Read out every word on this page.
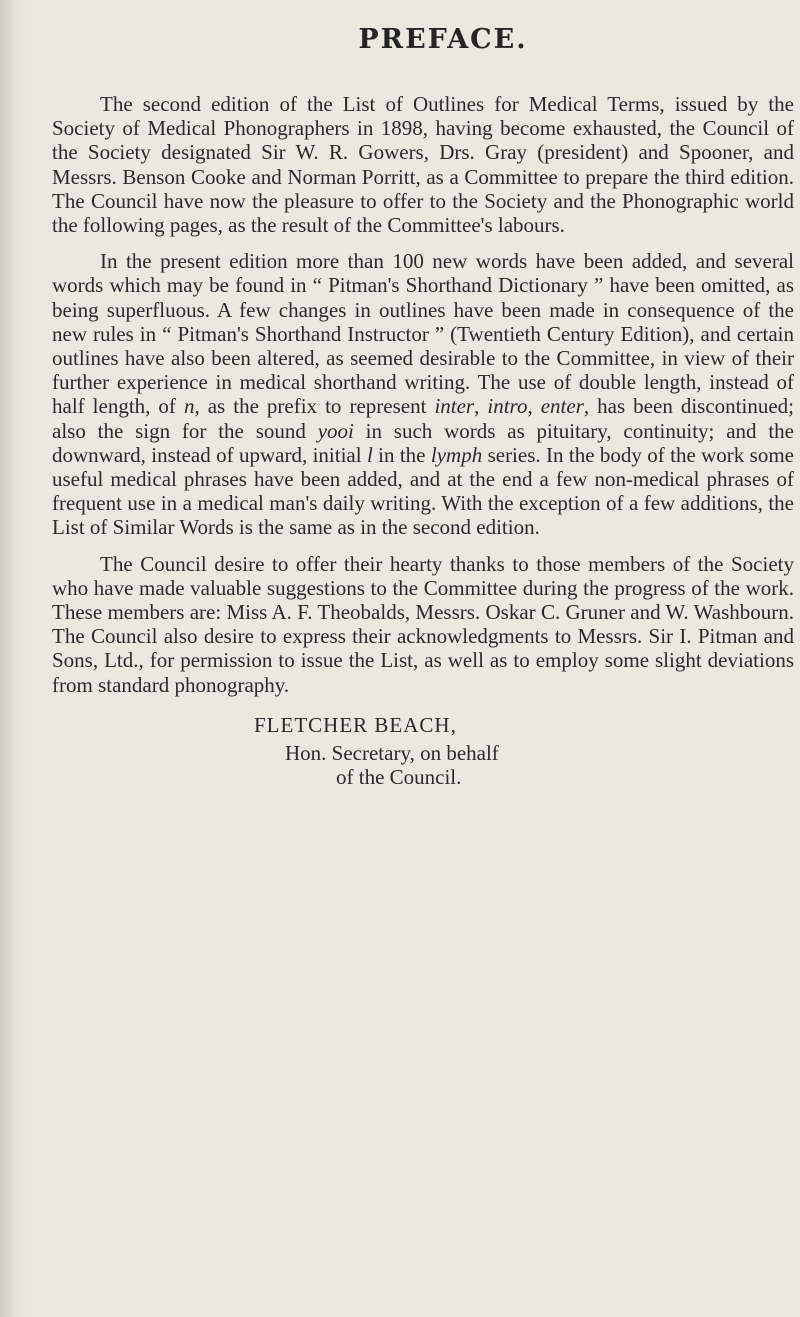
PREFACE.

The second edition of the List of Outlines for Medical Terms, issued by the Society of Medical Phonographers in 1898, having become exhausted, the Council of the Society designated Sir W. R. Gowers, Drs. Gray (president) and Spooner, and Messrs. Benson Cooke and Norman Porritt, as a Committee to prepare the third edition. The Council have now the pleasure to offer to the Society and the Phonographic world the following pages, as the result of the Committee's labours.

In the present edition more than 100 new words have been added, and several words which may be found in “ Pitman's Shorthand Dictionary ” have been omitted, as being superfluous. A few changes in outlines have been made in consequence of the new rules in “ Pitman's Shorthand Instructor ” (Twentieth Century Edition), and certain outlines have also been altered, as seemed desirable to the Committee, in view of their further experience in medical shorthand writing. The use of double length, instead of half length, of n, as the prefix to represent inter, intro, enter, has been discontinued; also the sign for the sound yooi in such words as pituitary, continuity; and the downward, instead of upward, initial l in the lymph series. In the body of the work some useful medical phrases have been added, and at the end a few non-medical phrases of frequent use in a medical man's daily writing. With the exception of a few additions, the List of Similar Words is the same as in the second edition.

The Council desire to offer their hearty thanks to those members of the Society who have made valuable suggestions to the Committee during the progress of the work. These members are: Miss A. F. Theobalds, Messrs. Oskar C. Gruner and W. Washbourn. The Council also desire to express their acknowledgments to Messrs. Sir I. Pitman and Sons, Ltd., for permission to issue the List, as well as to employ some slight deviations from standard phonography.

FLETCHER BEACH,
Hon. Secretary, on behalf
of the Council.
